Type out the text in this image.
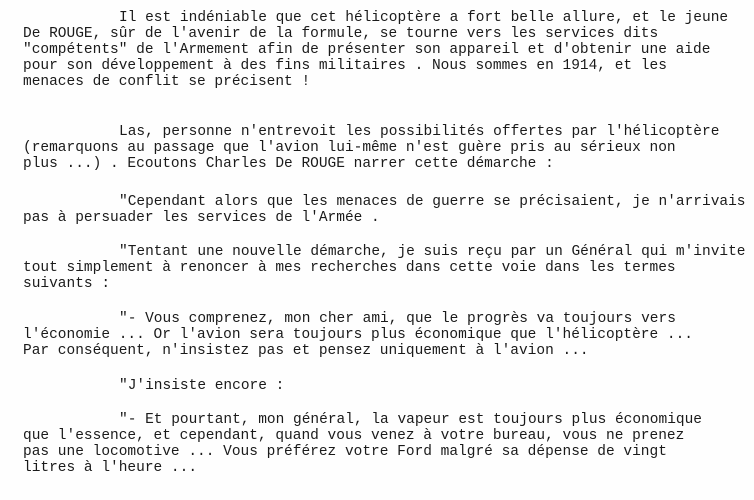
Il est indéniable que cet hélicoptère a fort belle allure, et le jeune
De ROUGE, sûr de l'avenir de la formule, se tourne vers les services dits
"compétents" de l'Armement afin de présenter son appareil et d'obtenir une aide
pour son développement à des fins militaires . Nous sommes en 1914, et les
menaces de conflit se précisent !
Las, personne n'entrevoit les possibilités offertes par l'hélicoptère
(remarquons au passage que l'avion lui-même n'est guère pris au sérieux non
plus ...) . Ecoutons Charles De ROUGE narrer cette démarche :
"Cependant alors que les menaces de guerre se précisaient, je n'arrivais
pas à persuader les services de l'Armée .
"Tentant une nouvelle démarche, je suis reçu par un Général qui m'invite
tout simplement à renoncer à mes recherches dans cette voie dans les termes
suivants :
"- Vous comprenez, mon cher ami, que le progrès va toujours vers
l'économie ... Or l'avion sera toujours plus économique que l'hélicoptère ...
Par conséquent, n'insistez pas et pensez uniquement à l'avion ...
"J'insiste encore :
"- Et pourtant, mon général, la vapeur est toujours plus économique
que l'essence, et cependant, quand vous venez à votre bureau, vous ne prenez
pas une locomotive ... Vous préférez votre Ford malgré sa dépense de vingt
litres à l'heure ...
